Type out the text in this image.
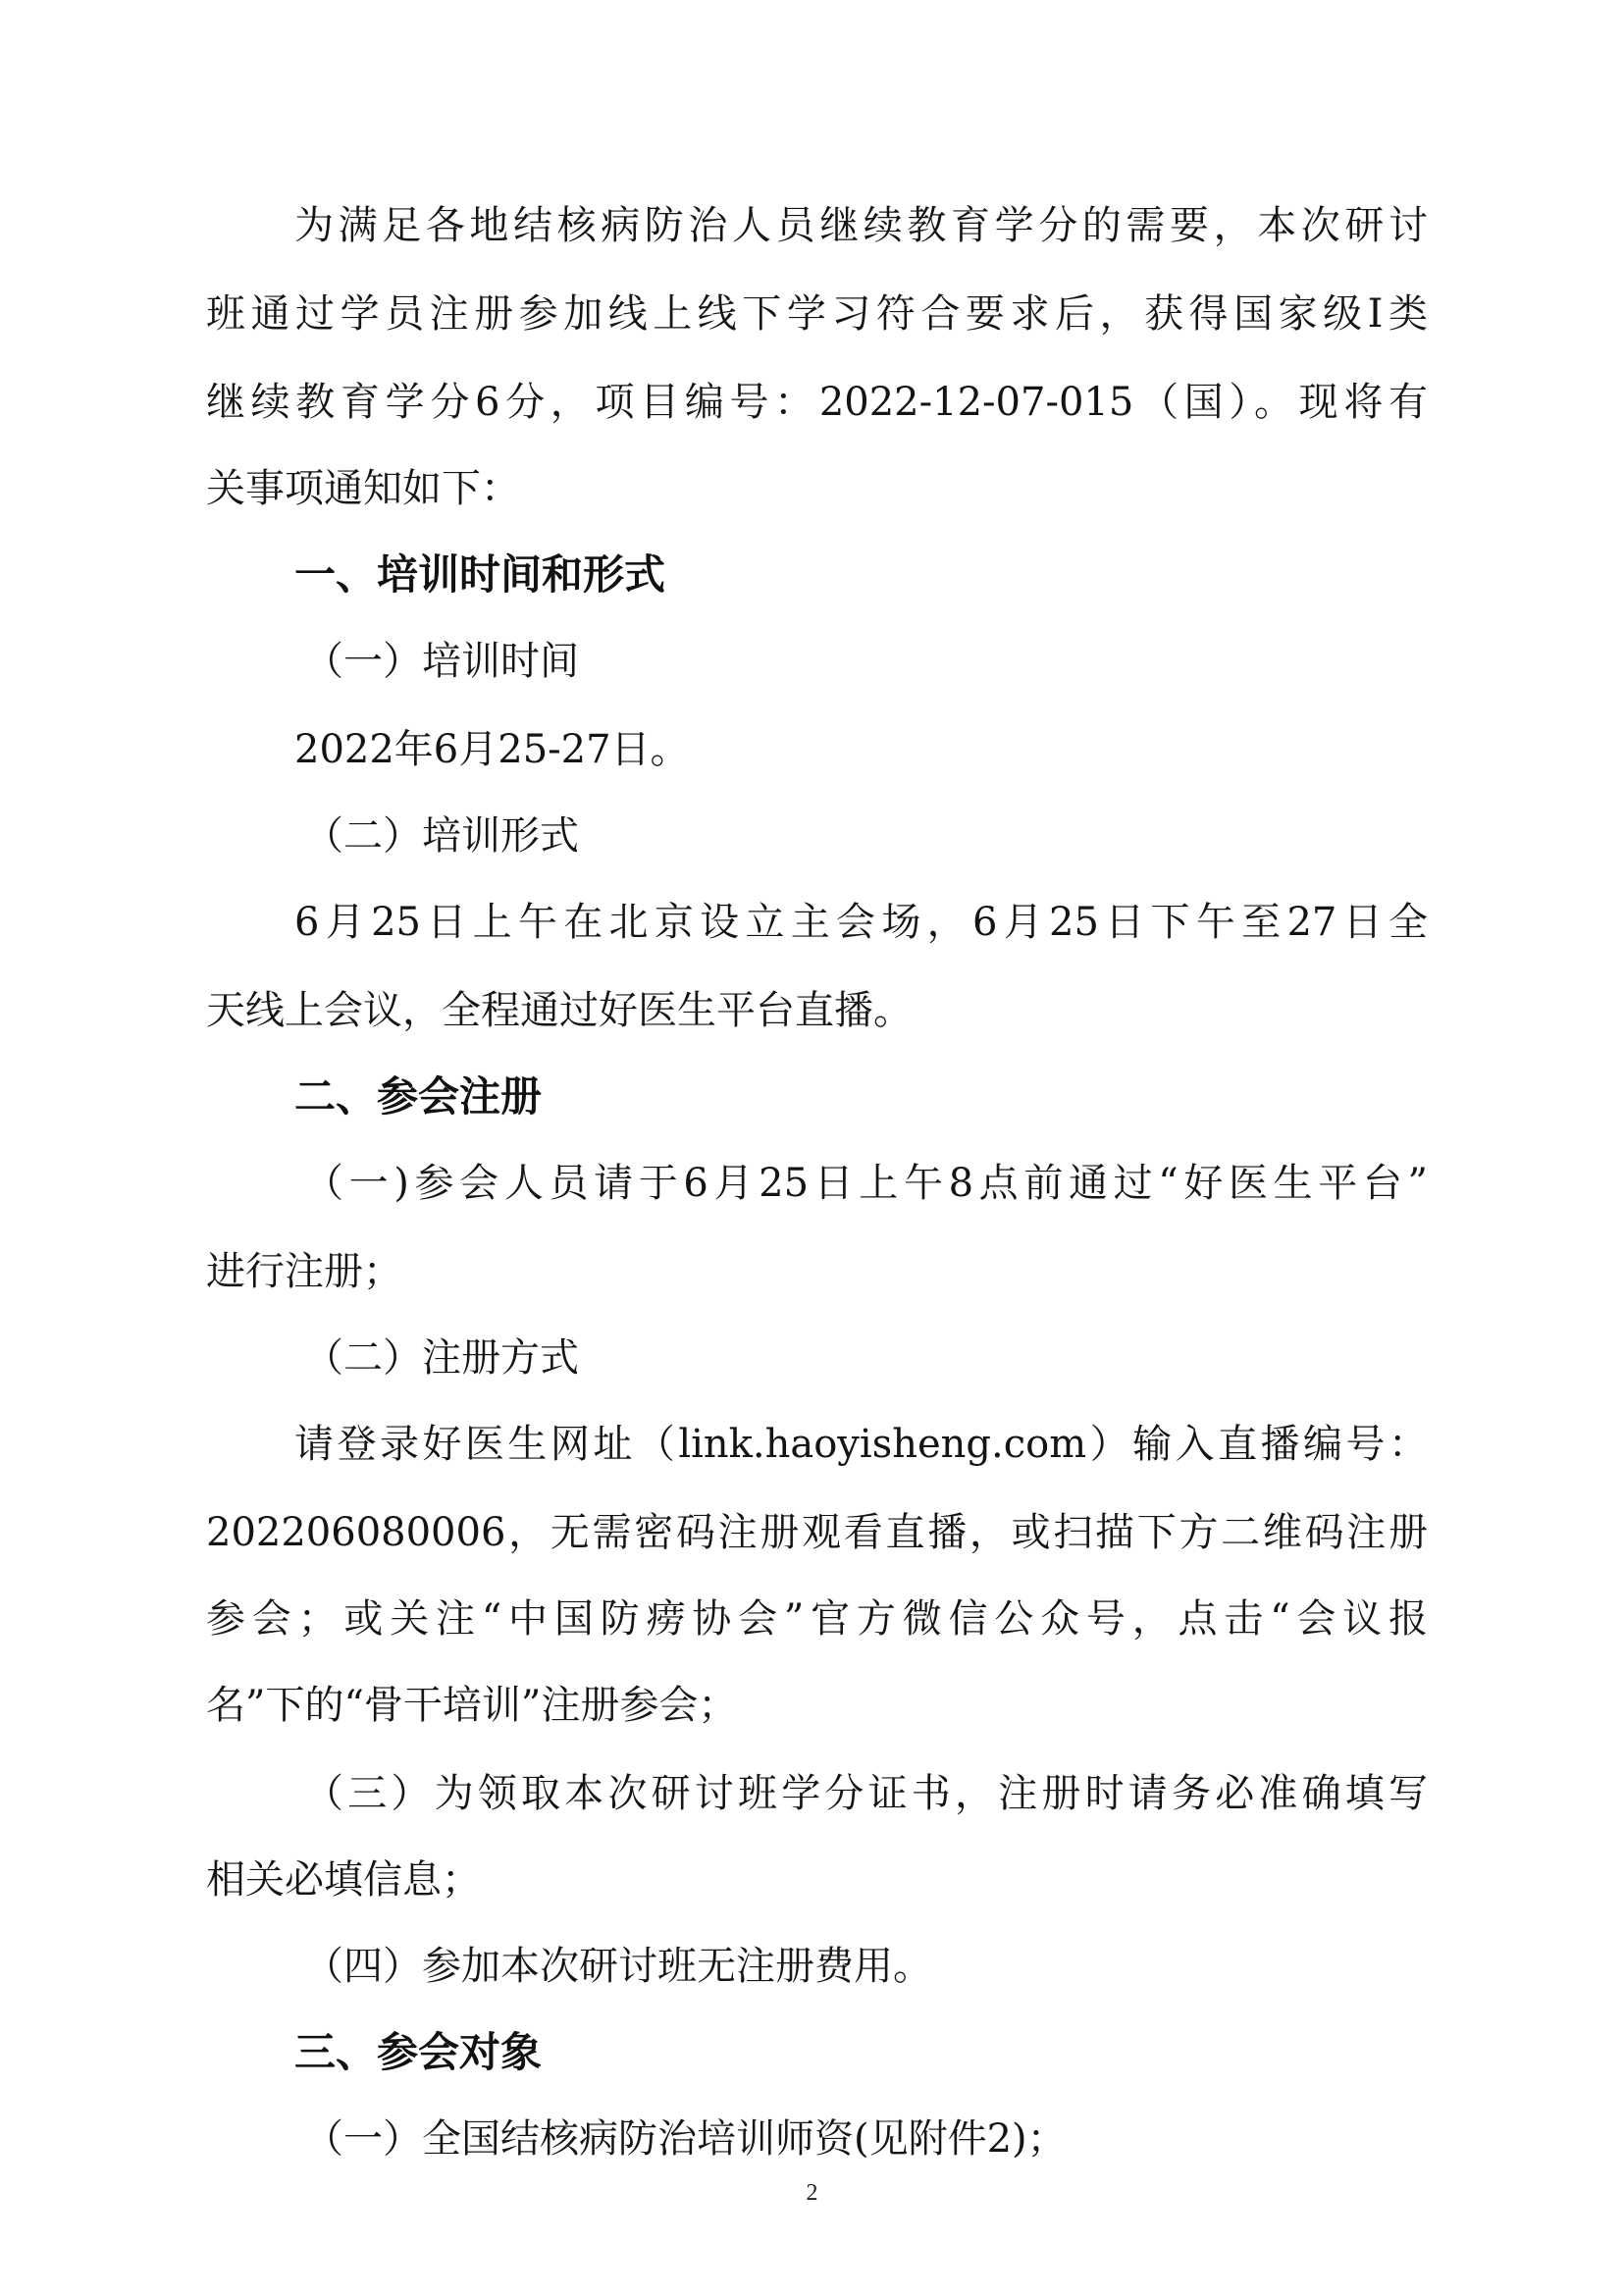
为满足各地结核病防治人员继续教育学分的需要，本次研讨
班通过学员注册参加线上线下学习符合要求后，获得国家级Ⅰ类
继续教育学分6分，项目编号：2022-12-07-015（国）。现将有
关事项通知如下：
一、培训时间和形式
（一）培训时间
2022年6月25-27日。
（二）培训形式
6月25日上午在北京设立主会场，6月25日下午至27日全
天线上会议，全程通过好医生平台直播。
二、参会注册
（一)参会人员请于6月25日上午8点前通过“好医生平台”
进行注册；
（二）注册方式
请登录好医生网址（link.haoyisheng.com）输入直播编号：
202206080006，无需密码注册观看直播，或扫描下方二维码注册
参会；或关注“中国防痨协会”官方微信公众号，点击“会议报
名”下的“骨干培训”注册参会；
（三）为领取本次研讨班学分证书，注册时请务必准确填写
相关必填信息；
（四）参加本次研讨班无注册费用。
三、参会对象
（一）全国结核病防治培训师资(见附件2)；
2
